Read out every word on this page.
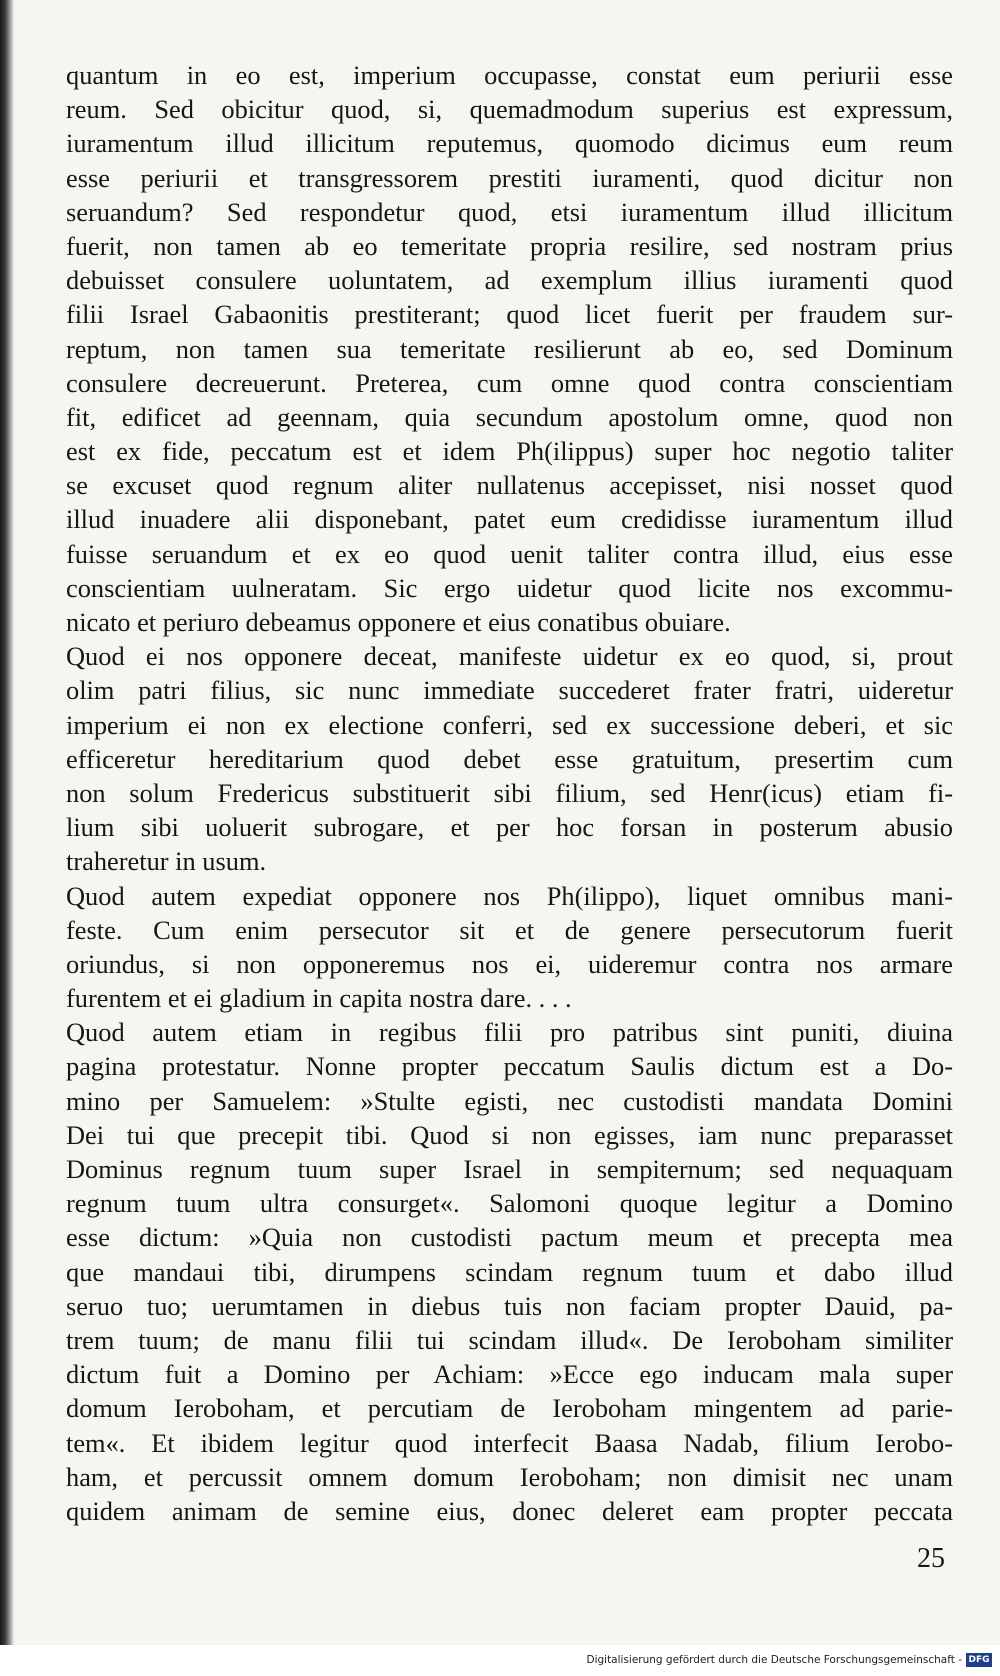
quantum in eo est, imperium occupasse, constat eum periurii esse
reum. Sed obicitur quod, si, quemadmodum superius est expressum,
iuramentum illud illicitum reputemus, quomodo dicimus eum reum
esse periurii et transgressorem prestiti iuramenti, quod dicitur non
seruandum? Sed respondetur quod, etsi iuramentum illud illicitum
fuerit, non tamen ab eo temeritate propria resilire, sed nostram prius
debuisset consulere uoluntatem, ad exemplum illius iuramenti quod
filii Israel Gabaonitis prestiterant; quod licet fuerit per fraudem sur-
reptum, non tamen sua temeritate resilierunt ab eo, sed Dominum
consulere decreuerunt. Preterea, cum omne quod contra conscientiam
fit, edificet ad geennam, quia secundum apostolum omne, quod non
est ex fide, peccatum est et idem Ph(ilippus) super hoc negotio taliter
se excuset quod regnum aliter nullatenus accepisset, nisi nosset quod
illud inuadere alii disponebant, patet eum credidisse iuramentum illud
fuisse seruandum et ex eo quod uenit taliter contra illud, eius esse
conscientiam uulneratam. Sic ergo uidetur quod licite nos excommu-
nicato et periuro debeamus opponere et eius conatibus obuiare.
Quod ei nos opponere deceat, manifeste uidetur ex eo quod, si, prout
olim patri filius, sic nunc immediate succederet frater fratri, uideretur
imperium ei non ex electione conferri, sed ex successione deberi, et sic
efficeretur hereditarium quod debet esse gratuitum, presertim cum
non solum Fredericus substituerit sibi filium, sed Henr(icus) etiam fi-
lium sibi uoluerit subrogare, et per hoc forsan in posterum abusio
traheretur in usum.
Quod autem expediat opponere nos Ph(ilippo), liquet omnibus mani-
feste. Cum enim persecutor sit et de genere persecutorum fuerit
oriundus, si non opponeremus nos ei, uideremur contra nos armare
furentem et ei gladium in capita nostra dare. . . .
Quod autem etiam in regibus filii pro patribus sint puniti, diuina
pagina protestatur. Nonne propter peccatum Saulis dictum est a Do-
mino per Samuelem: »Stulte egisti, nec custodisti mandata Domini
Dei tui que precepit tibi. Quod si non egisses, iam nunc preparasset
Dominus regnum tuum super Israel in sempiternum; sed nequaquam
regnum tuum ultra consurget«. Salomoni quoque legitur a Domino
esse dictum: »Quia non custodisti pactum meum et precepta mea
que mandaui tibi, dirumpens scindam regnum tuum et dabo illud
seruo tuo; uerumtamen in diebus tuis non faciam propter Dauid, pa-
trem tuum; de manu filii tui scindam illud«. De Ieroboham similiter
dictum fuit a Domino per Achiam: »Ecce ego inducam mala super
domum Ieroboham, et percutiam de Ieroboham mingentem ad parie-
tem«. Et ibidem legitur quod interfecit Baasa Nadab, filium Ierobo-
ham, et percussit omnem domum Ieroboham; non dimisit nec unam
quidem animam de semine eius, donec deleret eam propter peccata
25
Digitalisierung gefördert durch die Deutsche Forschungsgemeinschaft - DFG
